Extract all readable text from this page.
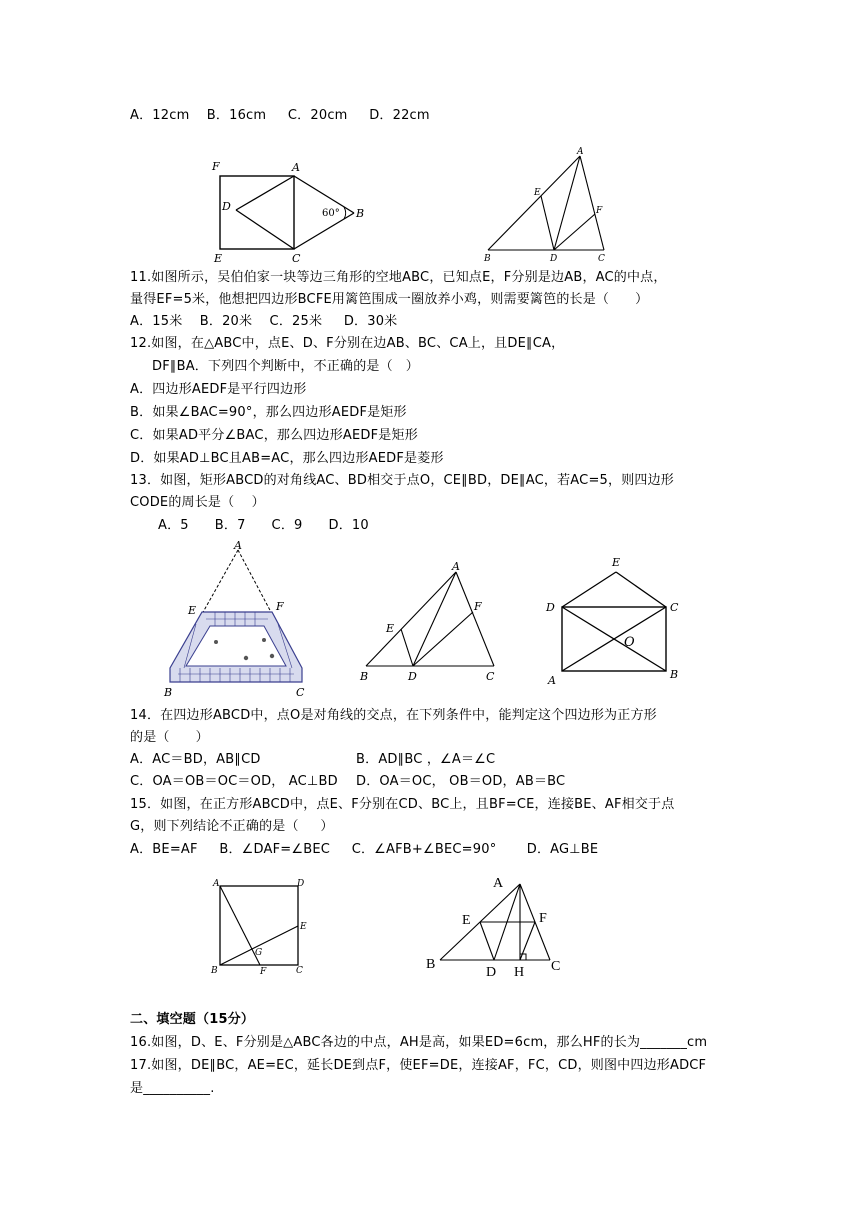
A．12cm    B．16cm     C．20cm     D．22cm
F	A
D
E	C
B
60°
A
E
F
B	D	C
11.如图所示，吴伯伯家一块等边三角形的空地ABC，已知点E，F分别是边AB，AC的中点，
量得EF=5米，他想把四边形BCFE用篱笆围成一圈放养小鸡，则需要篱笆的长是（      ）
A．15米    B．20米    C．25米     D．30米
12.如图，在△ABC中，点E、D、F分别在边AB、BC、CA上，且DE∥CA，
DF∥BA．下列四个判断中，不正确的是（   ）
A．四边形AEDF是平行四边形
B．如果∠BAC=90°，那么四边形AEDF是矩形
C．如果AD平分∠BAC，那么四边形AEDF是矩形
D．如果AD⊥BC且AB=AC，那么四边形AEDF是菱形
13．如图，矩形ABCD的对角线AC、BD相交于点O，CE∥BD，DE∥AC，若AC=5，则四边形
CODE的周长是（    ）
A．5      B．7      C．9      D．10
A
E	F
B	C
A
E
F
B	D	C
E
D	C
O
A	B
14．在四边形ABCD中，点O是对角线的交点，在下列条件中，能判定这个四边形为正方形
的是（      ）
A．AC＝BD，AB∥CD	B．AD∥BC ，∠A＝∠C
C．OA＝OB＝OC＝OD， AC⊥BD D．OA＝OC， OB＝OD，AB＝BC
15．如图，在正方形ABCD中，点E、F分别在CD、BC上，且BF=CE，连接BE、AF相交于点
G，则下列结论不正确的是（     ）
A．BE=AF     B．∠DAF=∠BEC     C．∠AFB+∠BEC=90°       D．AG⊥BE
A	D
E
G
B	F	C
A
E	F
B
D H C
二、填空题（15分）
16.如图，D、E、F分别是△ABC各边的中点，AH是高，如果ED=6cm，那么HF的长为_______cm
17.如图，DE∥BC，AE=EC，延长DE到点F，使EF=DE，连接AF，FC，CD，则图中四边形ADCF
是__________.
